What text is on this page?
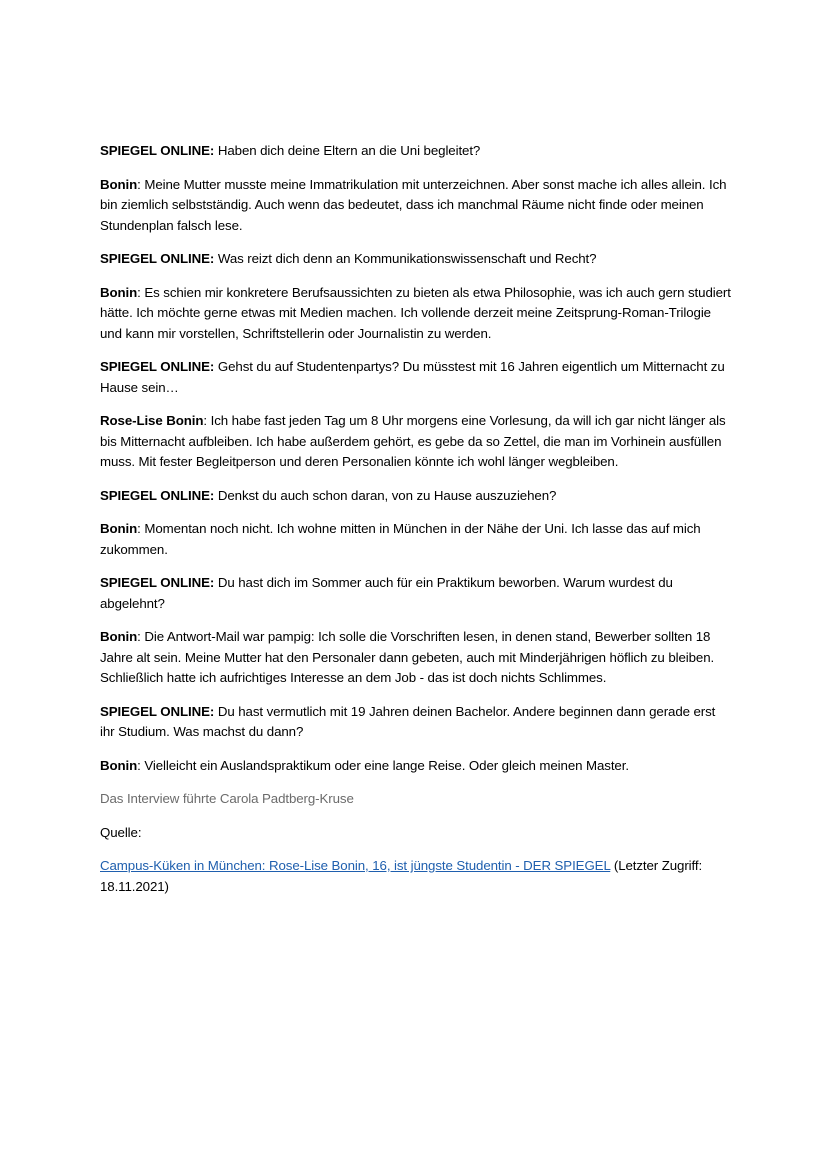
SPIEGEL ONLINE: Haben dich deine Eltern an die Uni begleitet?

Bonin: Meine Mutter musste meine Immatrikulation mit unterzeichnen. Aber sonst mache ich alles allein. Ich bin ziemlich selbstständig. Auch wenn das bedeutet, dass ich manchmal Räume nicht finde oder meinen Stundenplan falsch lese.

SPIEGEL ONLINE: Was reizt dich denn an Kommunikationswissenschaft und Recht?

Bonin: Es schien mir konkretere Berufsaussichten zu bieten als etwa Philosophie, was ich auch gern studiert hätte. Ich möchte gerne etwas mit Medien machen. Ich vollende derzeit meine Zeitsprung-Roman-Trilogie und kann mir vorstellen, Schriftstellerin oder Journalistin zu werden.

SPIEGEL ONLINE: Gehst du auf Studentenpartys? Du müsstest mit 16 Jahren eigentlich um Mitternacht zu Hause sein…

Rose-Lise Bonin: Ich habe fast jeden Tag um 8 Uhr morgens eine Vorlesung, da will ich gar nicht länger als bis Mitternacht aufbleiben. Ich habe außerdem gehört, es gebe da so Zettel, die man im Vorhinein ausfüllen muss. Mit fester Begleitperson und deren Personalien könnte ich wohl länger wegbleiben.

SPIEGEL ONLINE: Denkst du auch schon daran, von zu Hause auszuziehen?

Bonin: Momentan noch nicht. Ich wohne mitten in München in der Nähe der Uni. Ich lasse das auf mich zukommen.

SPIEGEL ONLINE: Du hast dich im Sommer auch für ein Praktikum beworben. Warum wurdest du abgelehnt?

Bonin: Die Antwort-Mail war pampig: Ich solle die Vorschriften lesen, in denen stand, Bewerber sollten 18 Jahre alt sein. Meine Mutter hat den Personaler dann gebeten, auch mit Minderjährigen höflich zu bleiben. Schließlich hatte ich aufrichtiges Interesse an dem Job - das ist doch nichts Schlimmes.

SPIEGEL ONLINE: Du hast vermutlich mit 19 Jahren deinen Bachelor. Andere beginnen dann gerade erst ihr Studium. Was machst du dann?

Bonin: Vielleicht ein Auslandspraktikum oder eine lange Reise. Oder gleich meinen Master.

Das Interview führte Carola Padtberg-Kruse

Quelle:

Campus-Küken in München: Rose-Lise Bonin, 16, ist jüngste Studentin - DER SPIEGEL (Letzter Zugriff: 18.11.2021)
